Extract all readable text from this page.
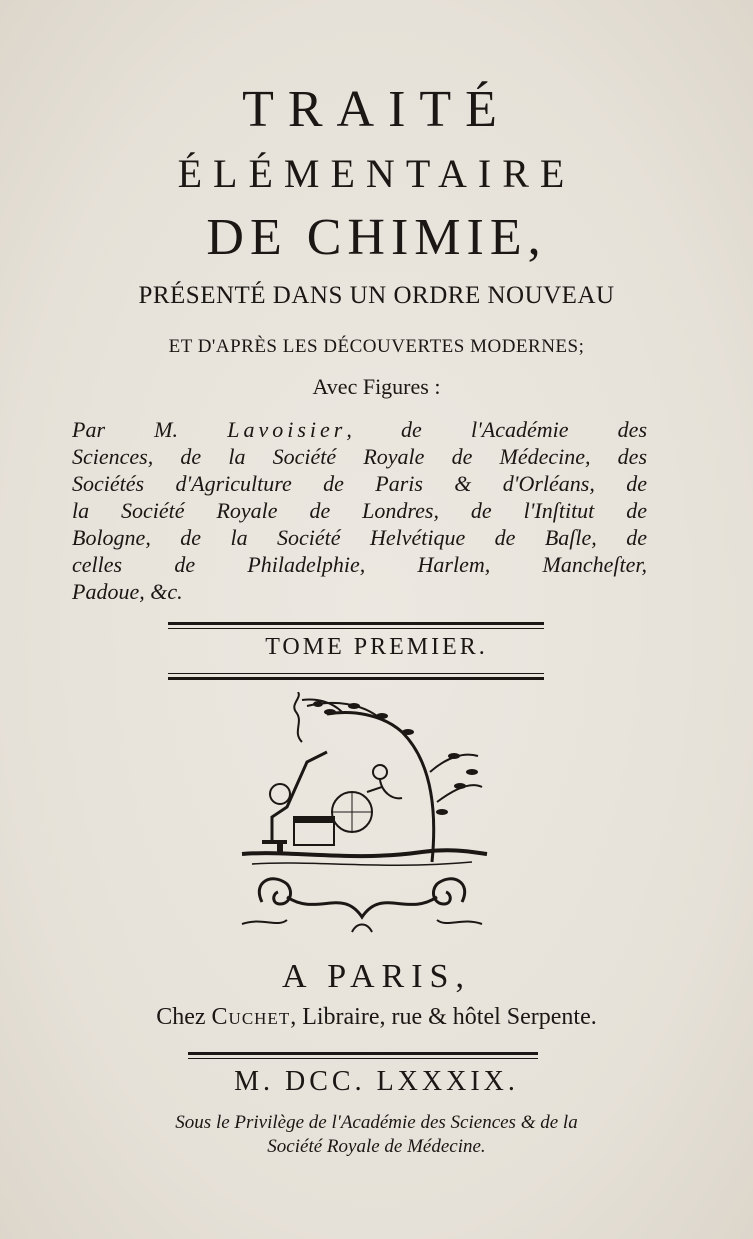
TRAITÉ
ÉLÉMENTAIRE
DE CHIMIE,
PRÉSENTÉ DANS UN ORDRE NOUVEAU
ET D'APRÈS LES DÉCOUVERTES MODERNES;
Avec Figures :
Par M. Lavoisier, de l'Académie des
Sciences, de la Société Royale de Médecine, des
Sociétés d'Agriculture de Paris & d'Orléans, de
la Société Royale de Londres, de l'Inſtitut de
Bologne, de la Société Helvétique de Baſle, de
celles de Philadelphie, Harlem, Mancheſter,
Padoue, &c.
TOME PREMIER.
A PARIS,
Chez Cuchet, Libraire, rue & hôtel Serpente.
M. DCC. LXXXIX.
Sous le Privilège de l'Académie des Sciences & de la
Société Royale de Médecine.
